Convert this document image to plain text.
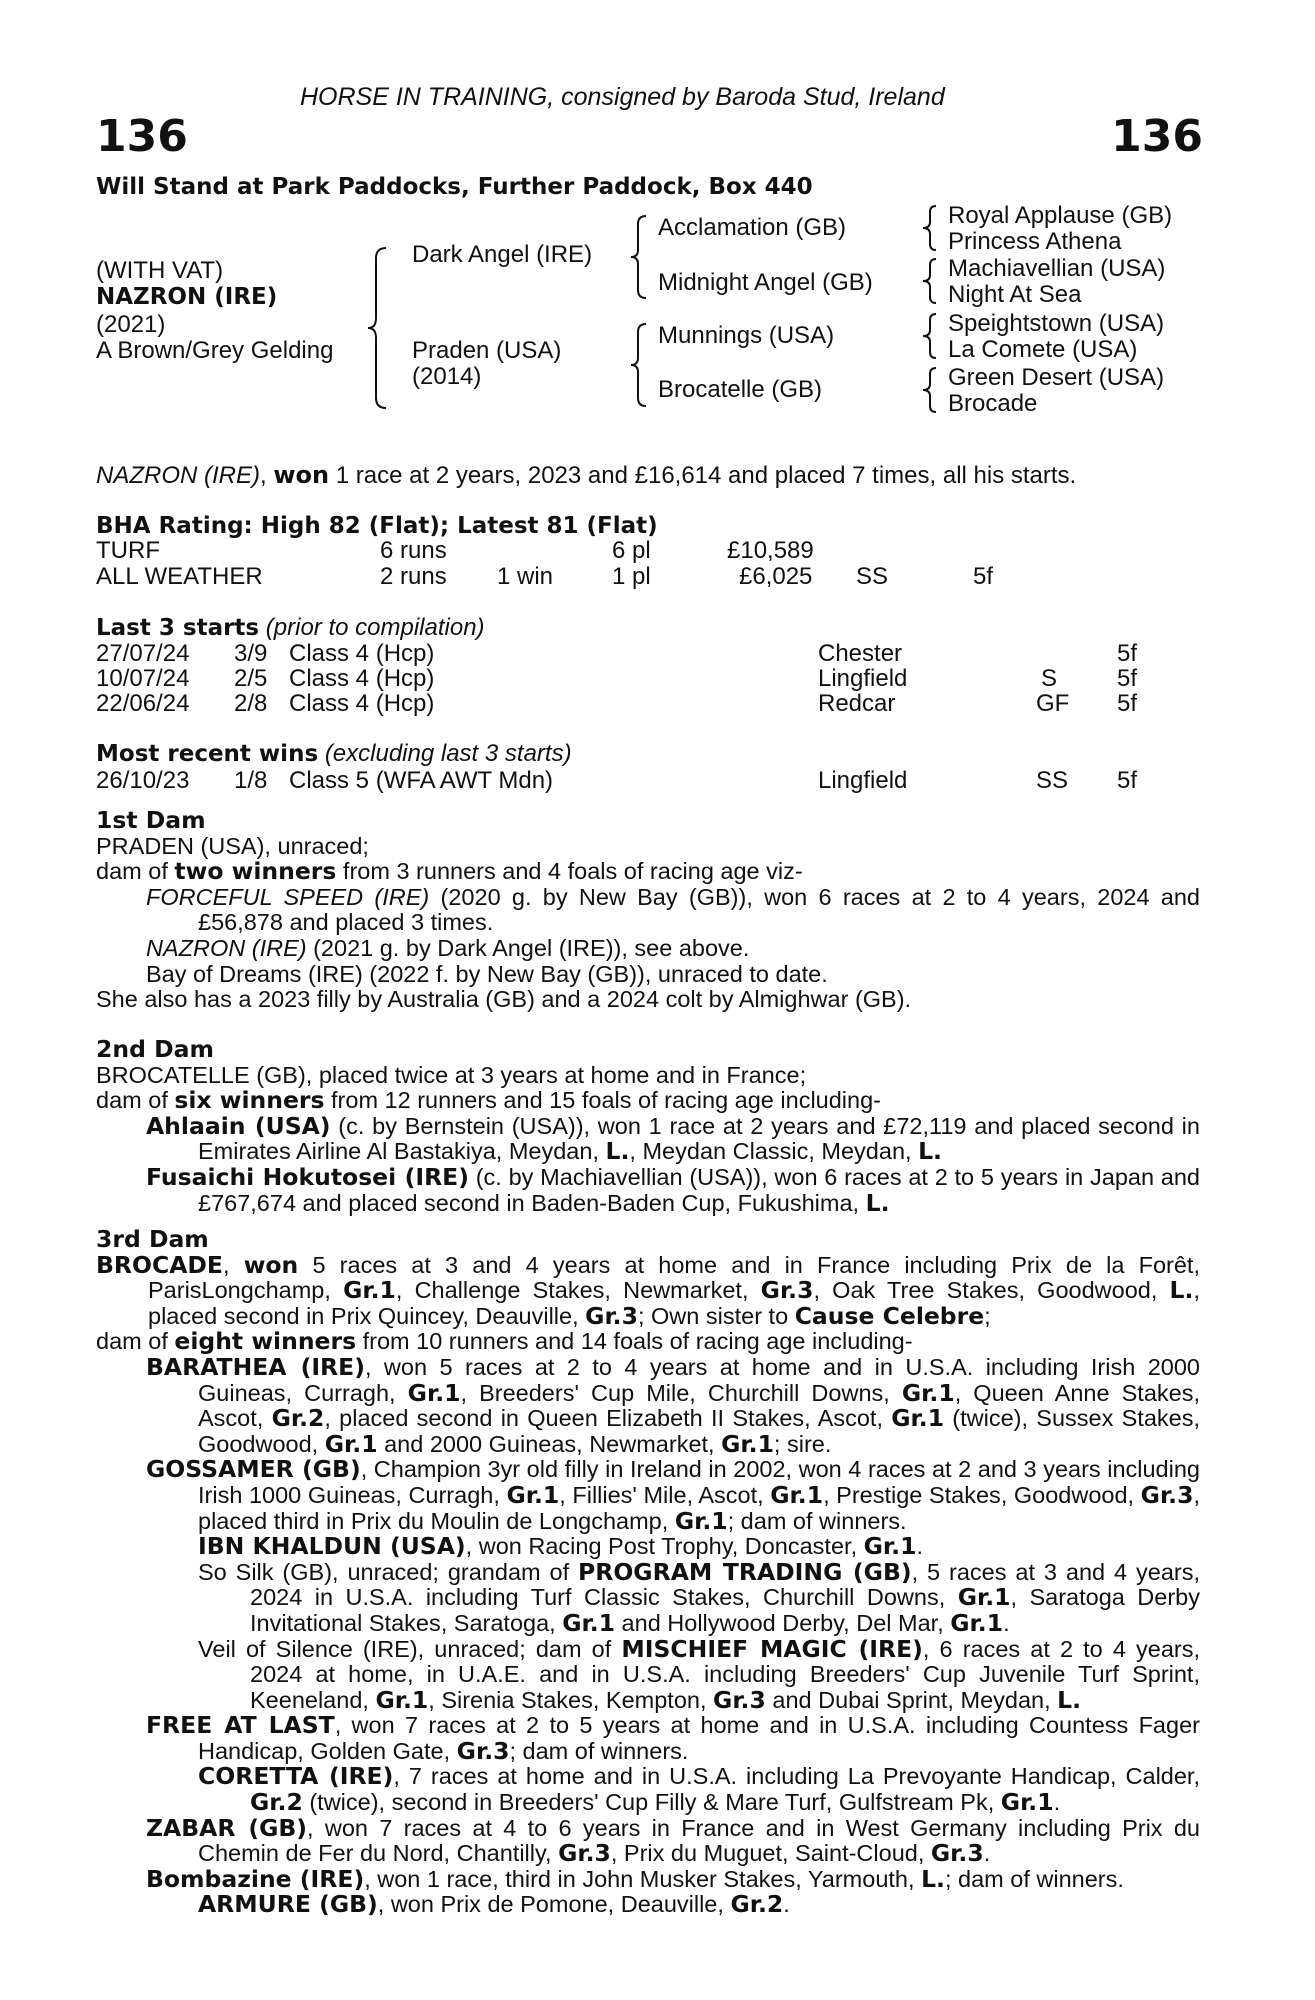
HORSE IN TRAINING, consigned by Baroda Stud, Ireland
136	136
Will Stand at Park Paddocks, Further Paddock, Box 440
(WITH VAT)
NAZRON (IRE)
(2021)
A Brown/Grey Gelding
Dark Angel (IRE)
Praden (USA)
(2014)
Acclamation (GB)
Midnight Angel (GB)
Munnings (USA)
Brocatelle (GB)
Royal Applause (GB)
Princess Athena
Machiavellian (USA)
Night At Sea
Speightstown (USA)
La Comete (USA)
Green Desert (USA)
Brocade
NAZRON (IRE), won 1 race at 2 years, 2023 and £16,614 and placed 7 times, all his starts.
BHA Rating: High 82 (Flat); Latest 81 (Flat)
TURF	6 runs	6 pl	£10,589
ALL WEATHER	2 runs 1 win 1 pl	£6,025 SS	5f
Last 3 starts (prior to compilation)
27/07/24 3/9 Class 4 (Hcp)	Chester	5f
10/07/24 2/5 Class 4 (Hcp)	Lingfield	S 5f
22/06/24 2/8 Class 4 (Hcp)	Redcar	GF 5f
Most recent wins (excluding last 3 starts)
26/10/23 1/8 Class 5 (WFA AWT Mdn)	Lingfield	SS 5f
1st Dam
PRADEN (USA), unraced;
dam of two winners from 3 runners and 4 foals of racing age viz-
FORCEFUL SPEED (IRE) (2020 g. by New Bay (GB)), won 6 races at 2 to 4 years, 2024 and £56,878 and placed 3 times.
NAZRON (IRE) (2021 g. by Dark Angel (IRE)), see above.
Bay of Dreams (IRE) (2022 f. by New Bay (GB)), unraced to date.
She also has a 2023 filly by Australia (GB) and a 2024 colt by Almighwar (GB).
2nd Dam
BROCATELLE (GB), placed twice at 3 years at home and in France;
dam of six winners from 12 runners and 15 foals of racing age including-
Ahlaain (USA) (c. by Bernstein (USA)), won 1 race at 2 years and £72,119 and placed second in Emirates Airline Al Bastakiya, Meydan, L., Meydan Classic, Meydan, L.
Fusaichi Hokutosei (IRE) (c. by Machiavellian (USA)), won 6 races at 2 to 5 years in Japan and £767,674 and placed second in Baden-Baden Cup, Fukushima, L.
3rd Dam
BROCADE, won 5 races at 3 and 4 years at home and in France including Prix de la Forêt, ParisLongchamp, Gr.1, Challenge Stakes, Newmarket, Gr.3, Oak Tree Stakes, Goodwood, L., placed second in Prix Quincey, Deauville, Gr.3; Own sister to Cause Celebre;
dam of eight winners from 10 runners and 14 foals of racing age including-
BARATHEA (IRE), won 5 races at 2 to 4 years at home and in U.S.A. including Irish 2000 Guineas, Curragh, Gr.1, Breeders' Cup Mile, Churchill Downs, Gr.1, Queen Anne Stakes, Ascot, Gr.2, placed second in Queen Elizabeth II Stakes, Ascot, Gr.1 (twice), Sussex Stakes, Goodwood, Gr.1 and 2000 Guineas, Newmarket, Gr.1; sire.
GOSSAMER (GB), Champion 3yr old filly in Ireland in 2002, won 4 races at 2 and 3 years including Irish 1000 Guineas, Curragh, Gr.1, Fillies' Mile, Ascot, Gr.1, Prestige Stakes, Goodwood, Gr.3, placed third in Prix du Moulin de Longchamp, Gr.1; dam of winners.
IBN KHALDUN (USA), won Racing Post Trophy, Doncaster, Gr.1.
So Silk (GB), unraced; grandam of PROGRAM TRADING (GB), 5 races at 3 and 4 years, 2024 in U.S.A. including Turf Classic Stakes, Churchill Downs, Gr.1, Saratoga Derby Invitational Stakes, Saratoga, Gr.1 and Hollywood Derby, Del Mar, Gr.1.
Veil of Silence (IRE), unraced; dam of MISCHIEF MAGIC (IRE), 6 races at 2 to 4 years, 2024 at home, in U.A.E. and in U.S.A. including Breeders' Cup Juvenile Turf Sprint, Keeneland, Gr.1, Sirenia Stakes, Kempton, Gr.3 and Dubai Sprint, Meydan, L.
FREE AT LAST, won 7 races at 2 to 5 years at home and in U.S.A. including Countess Fager Handicap, Golden Gate, Gr.3; dam of winners.
CORETTA (IRE), 7 races at home and in U.S.A. including La Prevoyante Handicap, Calder, Gr.2 (twice), second in Breeders' Cup Filly & Mare Turf, Gulfstream Pk, Gr.1.
ZABAR (GB), won 7 races at 4 to 6 years in France and in West Germany including Prix du Chemin de Fer du Nord, Chantilly, Gr.3, Prix du Muguet, Saint-Cloud, Gr.3.
Bombazine (IRE), won 1 race, third in John Musker Stakes, Yarmouth, L.; dam of winners.
ARMURE (GB), won Prix de Pomone, Deauville, Gr.2.
